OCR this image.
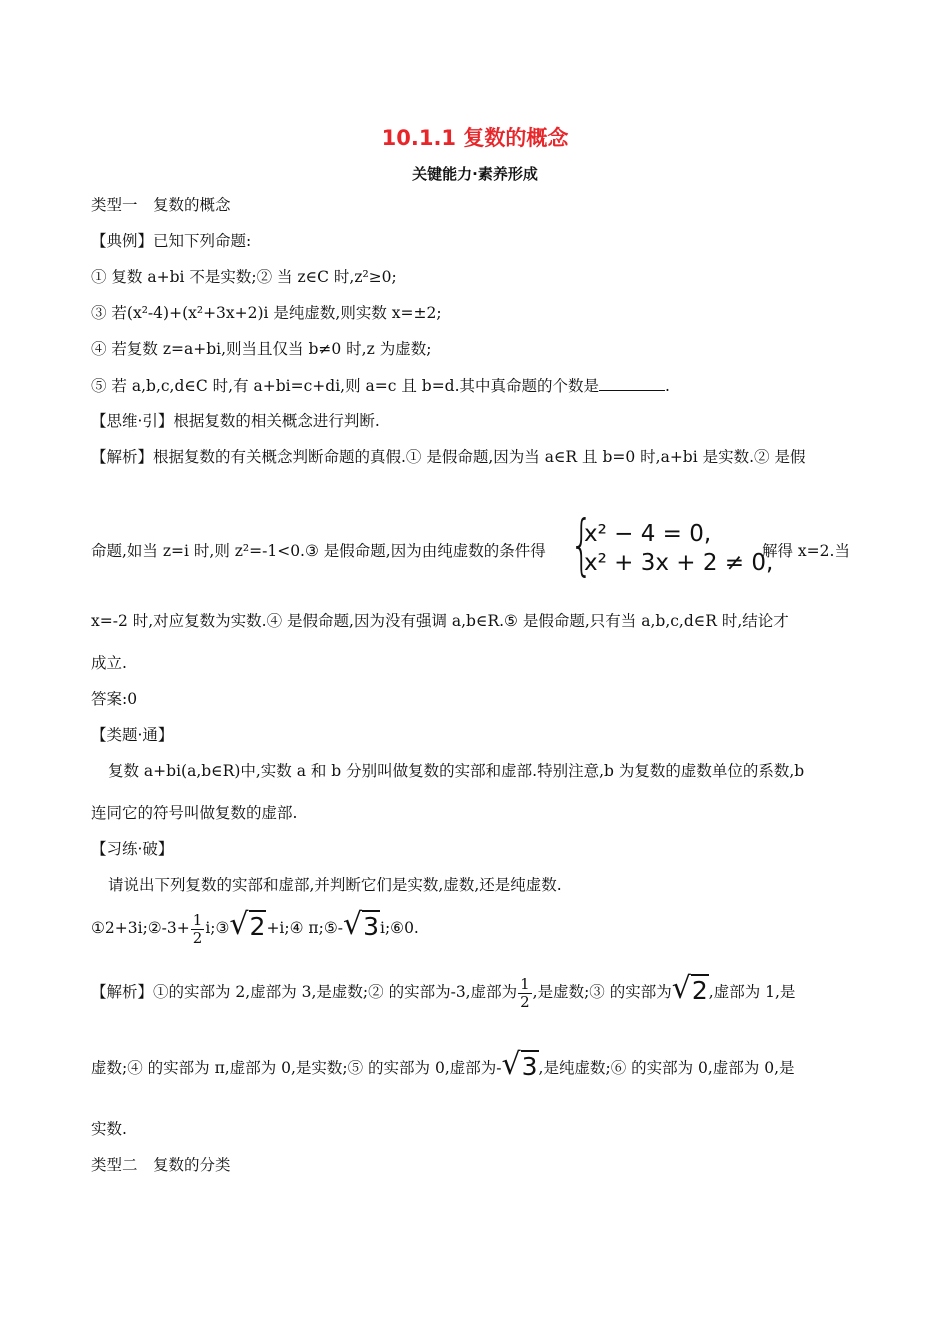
10.1.1 复数的概念
关键能力·素养形成
类型一　复数的概念
【典例】已知下列命题:
① 复数 a+bi 不是实数;② 当 z∈C 时,z²≥0;
③ 若(x²-4)+(x²+3x+2)i 是纯虚数,则实数 x=±2;
④ 若复数 z=a+bi,则当且仅当 b≠0 时,z 为虚数;
⑤ 若 a,b,c,d∈C 时,有 a+bi=c+di,则 a=c 且 b=d.其中真命题的个数是	.
【思维·引】根据复数的相关概念进行判断.
【解析】根据复数的有关概念判断命题的真假.① 是假命题,因为当 a∈R 且 b=0 时,a+bi 是实数.② 是假
命题,如当 z=i 时,则 z²=-1<0.③ 是假命题,因为由纯虚数的条件得 {
x² − 4 = 0,
x² + 3x + 2 ≠ 0,
解得 x=2.当
x=-2 时,对应复数为实数.④ 是假命题,因为没有强调 a,b∈R.⑤ 是假命题,只有当 a,b,c,d∈R 时,结论才
成立.
答案:0
【类题·通】
复数 a+bi(a,b∈R)中,实数 a 和 b 分别叫做复数的实部和虚部.特别注意,b 为复数的虚数单位的系数,b
连同它的符号叫做复数的虚部.
【习练·破】
请说出下列复数的实部和虚部,并判断它们是实数,虚数,还是纯虚数.
①2+3i;②-3+ $\frac{1}{2}$ i;③√2+i;④ π;⑤-√3i;⑥0.
【解析】①的实部为 2,虚部为 3,是虚数;② 的实部为-3,虚部为 $\frac{1}{2}$ ,是虚数;③ 的实部为√2,虚部为 1,是
虚数;④ 的实部为 π,虚部为 0,是实数;⑤ 的实部为 0,虚部为-√3,是纯虚数;⑥ 的实部为 0,虚部为 0,是
实数.
类型二　复数的分类
